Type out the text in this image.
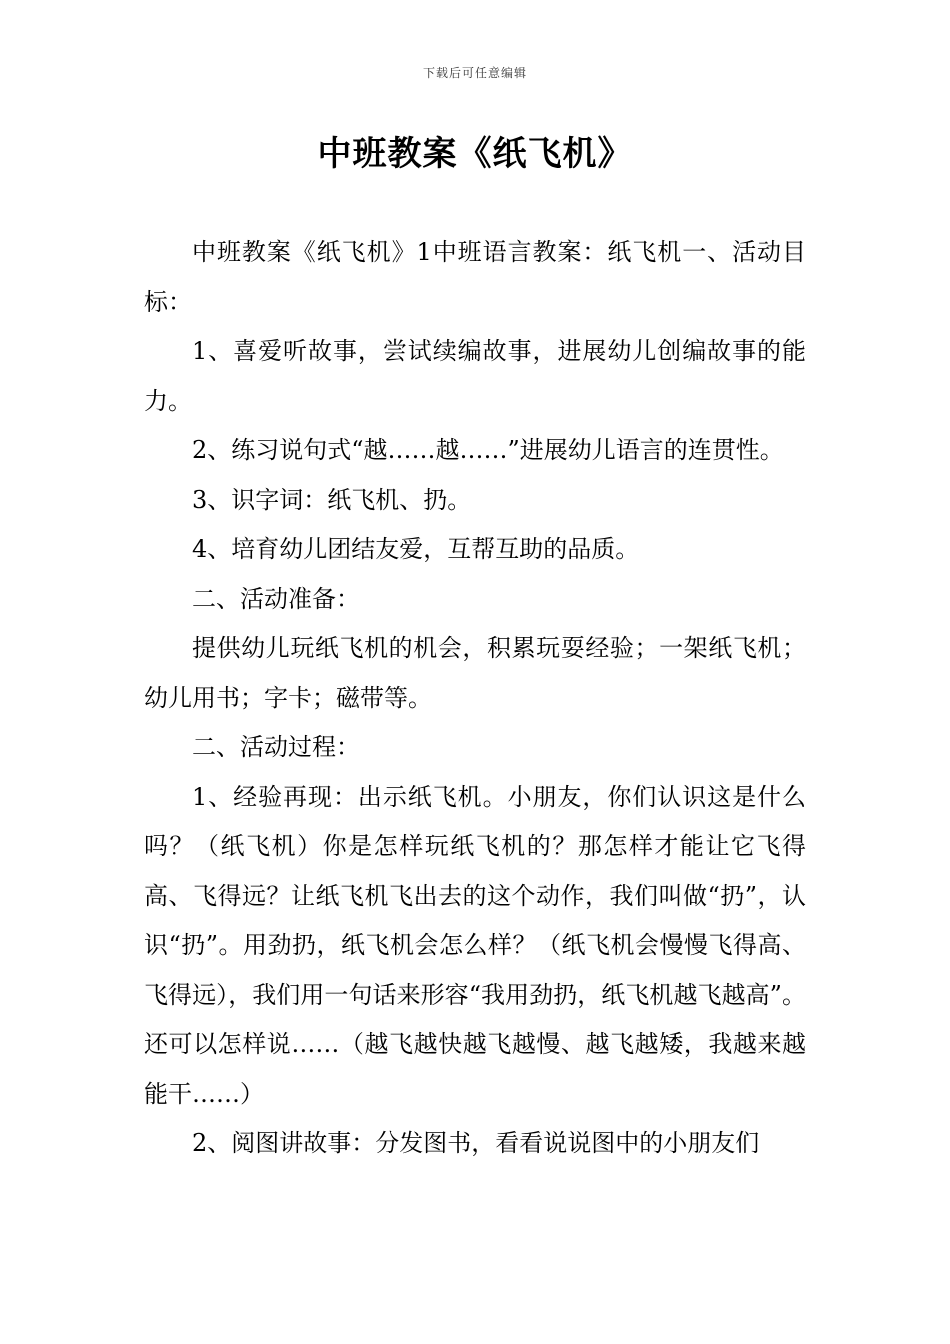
下载后可任意编辑
中班教案《纸飞机》

中班教案《纸飞机》1中班语言教案：纸飞机一、活动目标：

1、喜爱听故事，尝试续编故事，进展幼儿创编故事的能力。

2、练习说句式“越……越……”进展幼儿语言的连贯性。

3、识字词：纸飞机、扔。

4、培育幼儿团结友爱，互帮互助的品质。

二、活动准备：

提供幼儿玩纸飞机的机会，积累玩耍经验；一架纸飞机；幼儿用书；字卡；磁带等。

二、活动过程：

1、经验再现：出示纸飞机。小朋友，你们认识这是什么吗？（纸飞机）你是怎样玩纸飞机的？那怎样才能让它飞得高、飞得远？让纸飞机飞出去的这个动作，我们叫做“扔”，认识“扔”。用劲扔，纸飞机会怎么样？（纸飞机会慢慢飞得高、飞得远），我们用一句话来形容“我用劲扔，纸飞机越飞越高”。还可以怎样说……（越飞越快越飞越慢、越飞越矮，我越来越能干……）

2、阅图讲故事：分发图书，看看说说图中的小朋友们
